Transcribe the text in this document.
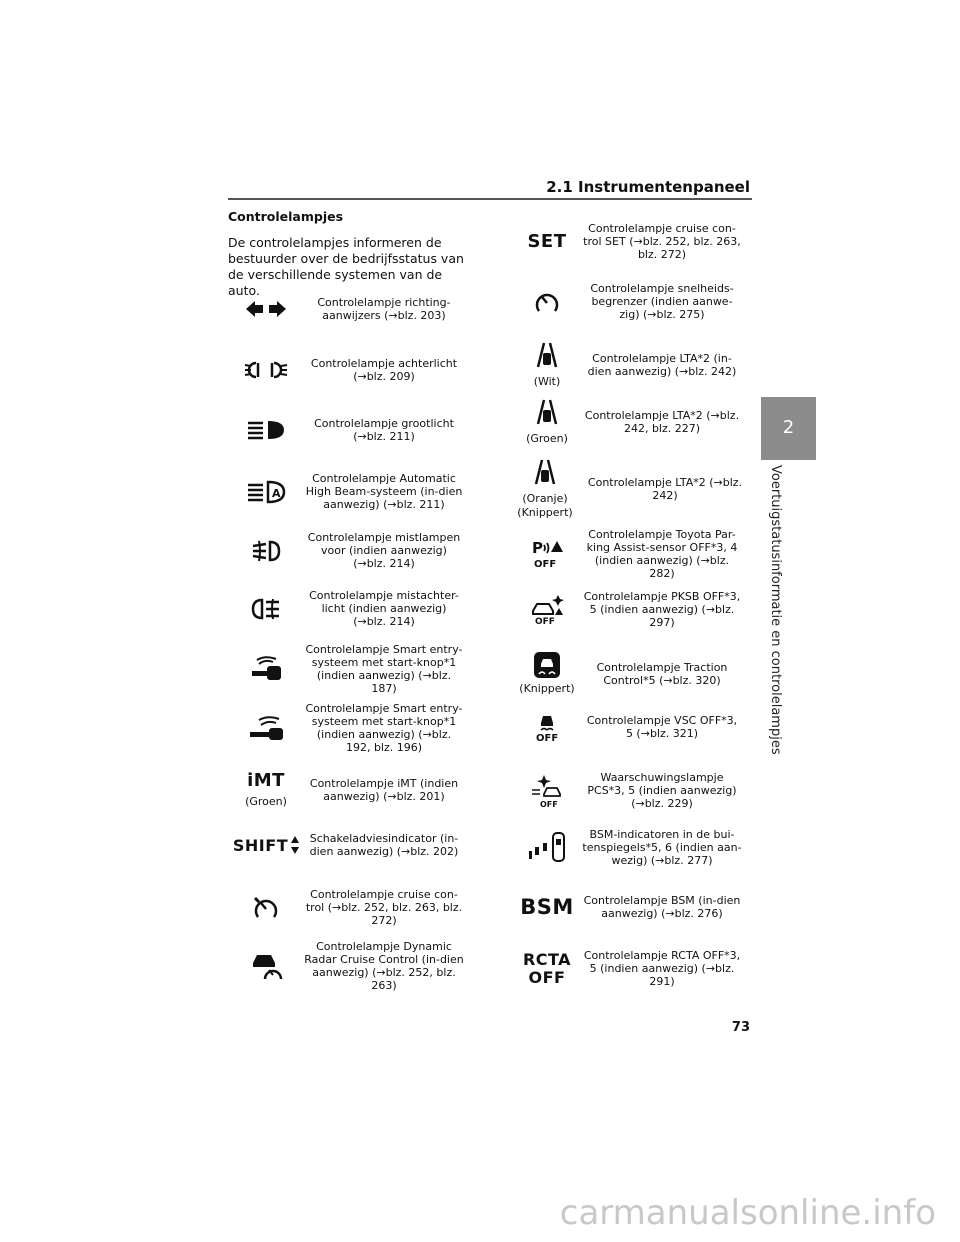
2.1 Instrumentenpaneel
2
Voertuigstatusinformatie en controlelampjes
Controlelampjes
De controlelampjes informeren de bestuurder over de bedrijfsstatus van de verschillende systemen van de auto.
Controlelampje richting-aanwijzers (→blz. 203)
Controlelampje achterlicht (→blz. 209)
Controlelampje grootlicht (→blz. 211)
A
Controlelampje Automatic High Beam-systeem (in-dien aanwezig) (→blz. 211)
Controlelampje mistlampen voor (indien aanwezig) (→blz. 214)
Controlelampje mistachter-licht (indien aanwezig) (→blz. 214)
Controlelampje Smart entry-systeem met start-knop*1 (indien aanwezig) (→blz. 187)
Controlelampje Smart entry-systeem met start-knop*1 (indien aanwezig) (→blz. 192, blz. 196)
iMT
(Groen)
Controlelampje iMT (indien aanwezig) (→blz. 201)
SHIFT	Schakeladviesindicator (in-dien aanwezig) (→blz. 202)
Controlelampje cruise con-trol (→blz. 252, blz. 263, blz. 272)
Controlelampje Dynamic Radar Cruise Control (in-dien aanwezig) (→blz. 252, blz. 263)
SET
Controlelampje cruise con-trol SET (→blz. 252, blz. 263, blz. 272)
Controlelampje snelheids-begrenzer (indien aanwe-zig) (→blz. 275)
(Wit)
Controlelampje LTA*2 (in-dien aanwezig) (→blz. 242)
(Groen)
Controlelampje LTA*2 (→blz. 242, blz. 227)
(Oranje) (Knippert)
Controlelampje LTA*2 (→blz. 242)
P
OFF
Controlelampje Toyota Par-king Assist-sensor OFF*3, 4 (indien aanwezig) (→blz. 282)
OFF
Controlelampje PKSB OFF*3, 5 (indien aanwezig) (→blz. 297)
(Knippert)
Controlelampje Traction Control*5 (→blz. 320)
OFF
Controlelampje VSC OFF*3, 5 (→blz. 321)
OFF
Waarschuwingslampje PCS*3, 5 (indien aanwezig) (→blz. 229)
BSM-indicatoren in de bui-tenspiegels*5, 6 (indien aan-wezig) (→blz. 277)
BSM Controlelampje BSM (in-dien aanwezig) (→blz. 276)
RCTA OFF
Controlelampje RCTA OFF*3, 5 (indien aanwezig) (→blz. 291)
73
carmanualsonline.info
